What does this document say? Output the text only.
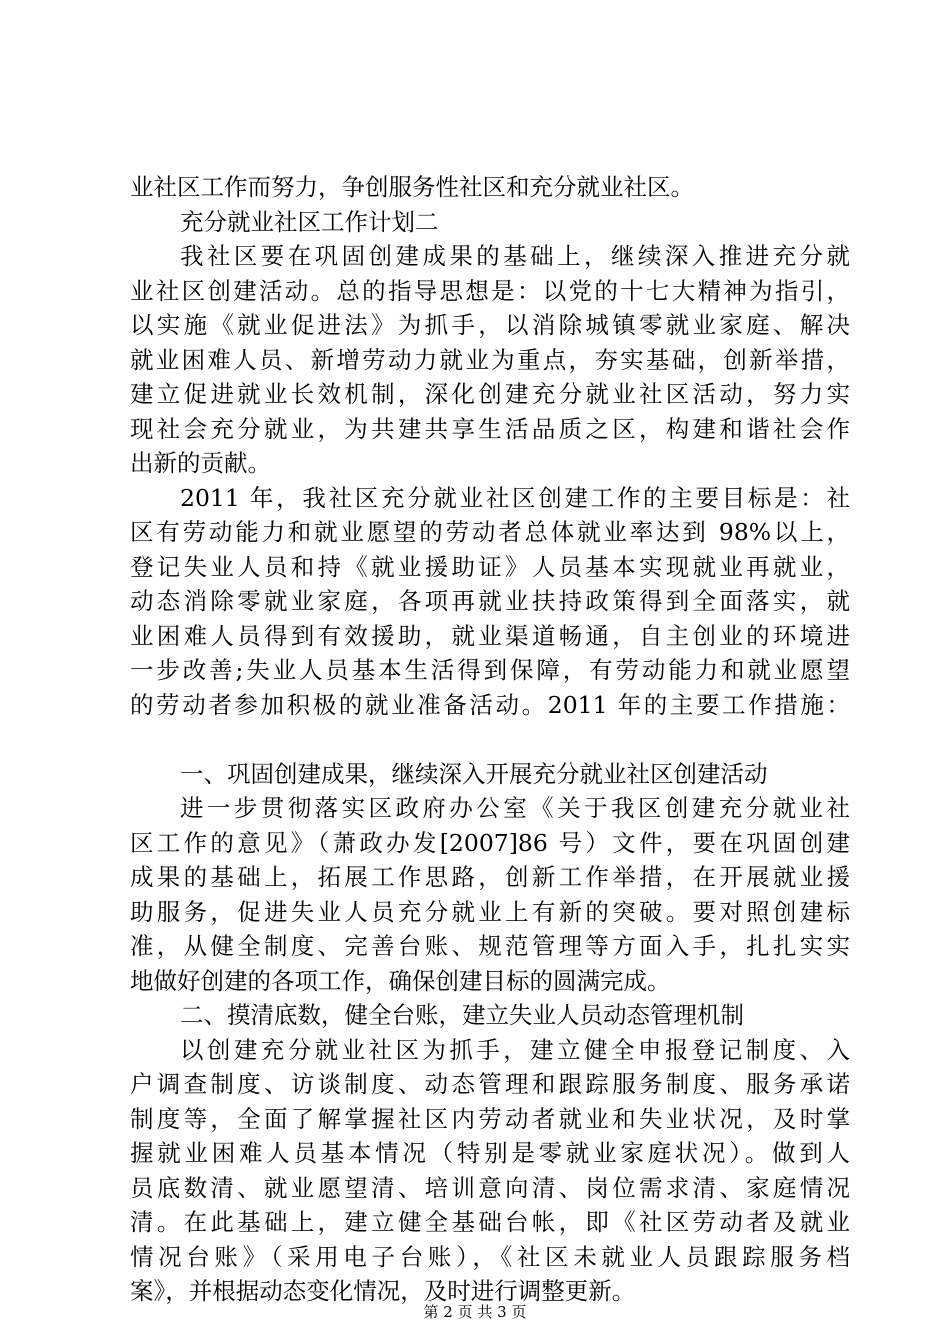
业社区工作而努力，争创服务性社区和充分就业社区。
充分就业社区工作计划二
我社区要在巩固创建成果的基础上，继续深入推进充分就
业社区创建活动。总的指导思想是：以党的十七大精神为指引，
以实施《就业促进法》为抓手，以消除城镇零就业家庭、解决
就业困难人员、新增劳动力就业为重点，夯实基础，创新举措，
建立促进就业长效机制，深化创建充分就业社区活动，努力实
现社会充分就业，为共建共享生活品质之区，构建和谐社会作
出新的贡献。
2011 年，我社区充分就业社区创建工作的主要目标是：社
区有劳动能力和就业愿望的劳动者总体就业率达到 98%以上，
登记失业人员和持《就业援助证》人员基本实现就业再就业，
动态消除零就业家庭，各项再就业扶持政策得到全面落实，就
业困难人员得到有效援助，就业渠道畅通，自主创业的环境进
一步改善;失业人员基本生活得到保障，有劳动能力和就业愿望
的劳动者参加积极的就业准备活动。2011 年的主要工作措施：
一、巩固创建成果，继续深入开展充分就业社区创建活动
进一步贯彻落实区政府办公室《关于我区创建充分就业社
区工作的意见》（萧政办发[2007]86 号）文件，要在巩固创建
成果的基础上，拓展工作思路，创新工作举措，在开展就业援
助服务，促进失业人员充分就业上有新的突破。要对照创建标
准，从健全制度、完善台账、规范管理等方面入手，扎扎实实
地做好创建的各项工作，确保创建目标的圆满完成。
二、摸清底数，健全台账，建立失业人员动态管理机制
以创建充分就业社区为抓手，建立健全申报登记制度、入
户调查制度、访谈制度、动态管理和跟踪服务制度、服务承诺
制度等，全面了解掌握社区内劳动者就业和失业状况，及时掌
握就业困难人员基本情况（特别是零就业家庭状况）。做到人
员底数清、就业愿望清、培训意向清、岗位需求清、家庭情况
清。在此基础上，建立健全基础台帐，即《社区劳动者及就业
情况台账》（采用电子台账），《社区未就业人员跟踪服务档
案》，并根据动态变化情况，及时进行调整更新。
第 2 页 共 3 页
